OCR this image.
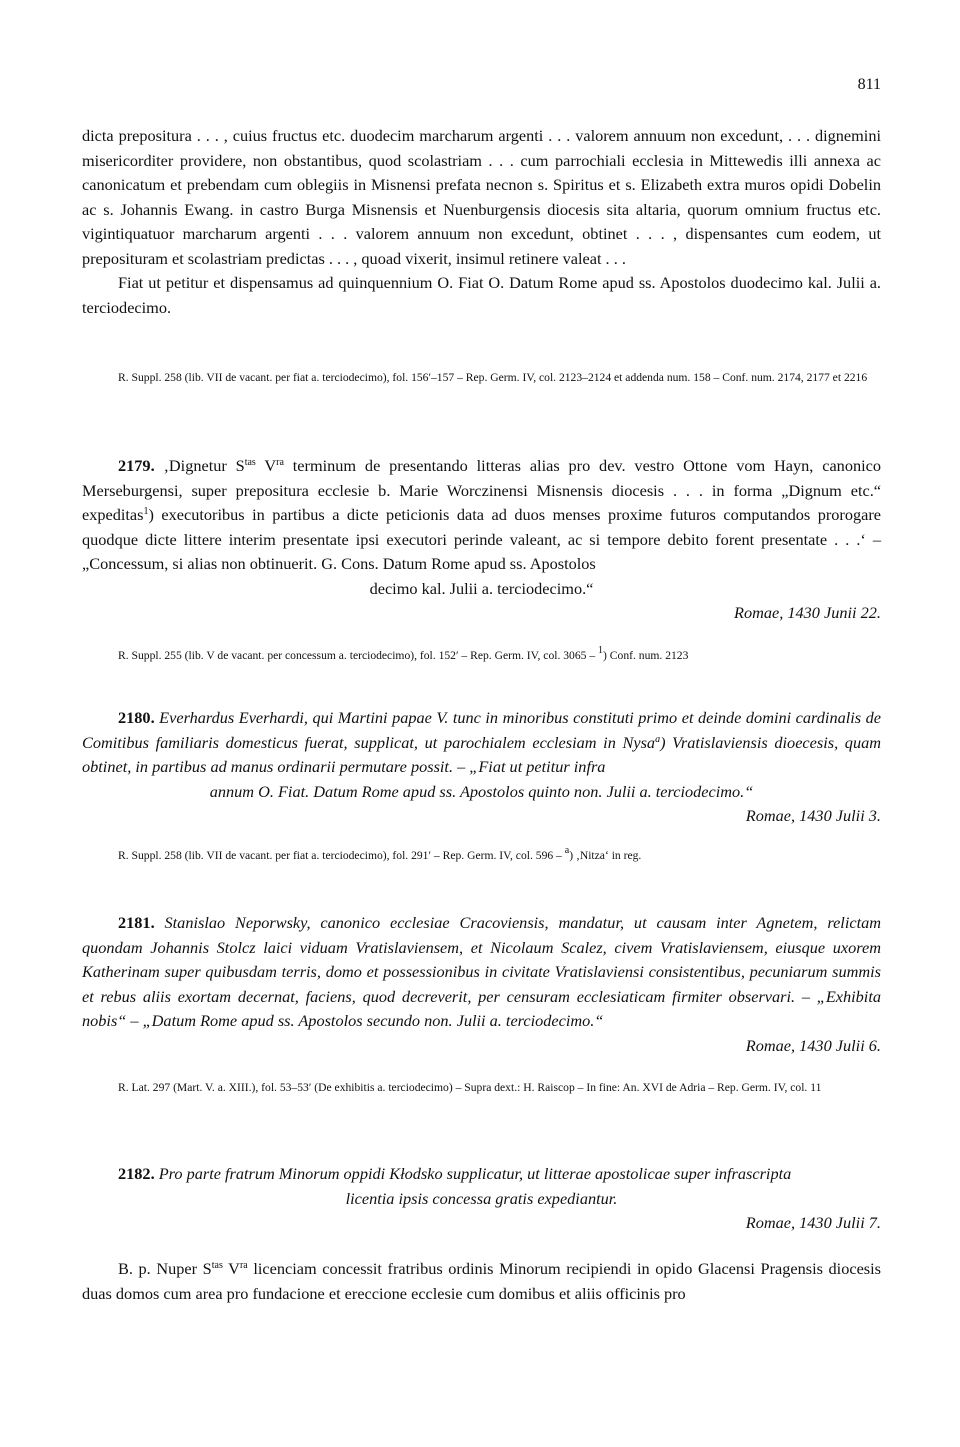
811

dicta prepositura . . . , cuius fructus etc. duodecim marcharum argenti . . . valorem annuum non excedunt, . . . dignemini misericorditer providere, non obstantibus, quod scolastriam . . . cum parrochiali ecclesia in Mittewedis illi annexa ac canonicatum et prebendam cum oblegiis in Misnensi prefata necnon s. Spiritus et s. Elizabeth extra muros opidi Dobelin ac s. Johannis Ewang. in castro Burga Misnensis et Nuenburgensis diocesis sita altaria, quorum omnium fructus etc. vigintiquatuor marcharum argenti . . . valorem annuum non excedunt, obtinet . . . , dispensantes cum eodem, ut preposituram et scolastriam predictas . . . , quoad vixerit, insimul retinere valeat . . .

Fiat ut petitur et dispensamus ad quinquennium O. Fiat O. Datum Rome apud ss. Apostolos duodecimo kal. Julii a. terciodecimo.

R. Suppl. 258 (lib. VII de vacant. per fiat a. terciodecimo), fol. 156′–157 – Rep. Germ. IV, col. 2123–2124 et addenda num. 158 – Conf. num. 2174, 2177 et 2216

2179. ‚Dignetur $S^{tas}$ $V^{ra}$ terminum de presentando litteras alias pro dev. vestro Ottone vom Hayn, canonico Merseburgensi, super prepositura ecclesie b. Marie Worczinensi Misnensis diocesis . . . in forma „Dignum etc.“ expeditas$^1$) executoribus in partibus a dicte peticionis data ad duos menses proxime futuros computandos prorogare quodque dicte littere interim presentate ipsi executori perinde valeant, ac si tempore debito forent presentate . . .‘ – „Concessum, si alias non obtinuerit. G. Cons. Datum Rome apud ss. Apostolos

decimo kal. Julii a. terciodecimo.“

Romae, 1430 Junii 22.

R. Suppl. 255 (lib. V de vacant. per concessum a. terciodecimo), fol. 152′ – Rep. Germ. IV, col. 3065 – $^1$) Conf. num. 2123

2180. Everhardus Everhardi, qui Martini papae V. tunc in minoribus constituti primo et deinde domini cardinalis de Comitibus familiaris domesticus fuerat, supplicat, ut parochialem ecclesiam in Nysa$^a$) Vratislaviensis dioecesis, quam obtinet, in partibus ad manus ordinarii permutare possit. – „Fiat ut petitur infra

annum O. Fiat. Datum Rome apud ss. Apostolos quinto non. Julii a. terciodecimo.“

Romae, 1430 Julii 3.

R. Suppl. 258 (lib. VII de vacant. per fiat a. terciodecimo), fol. 291′ – Rep. Germ. IV, col. 596 – $^a$) ‚Nitza‘ in reg.

2181. Stanislao Neporwsky, canonico ecclesiae Cracoviensis, mandatur, ut causam inter Agnetem, relictam quondam Johannis Stolcz laici viduam Vratislaviensem, et Nicolaum Scalez, civem Vratislaviensem, eiusque uxorem Katherinam super quibusdam terris, domo et possessionibus in civitate Vratislaviensi consistentibus, pecuniarum summis et rebus aliis exortam decernat, faciens, quod decreverit, per censuram ecclesiaticam firmiter observari. – „Exhibita nobis“ – „Datum Rome apud ss. Apostolos secundo non. Julii a. terciodecimo.“

Romae, 1430 Julii 6.

R. Lat. 297 (Mart. V. a. XIII.), fol. 53–53′ (De exhibitis a. terciodecimo) – Supra dext.: H. Raiscop – In fine: An. XVI de Adria – Rep. Germ. IV, col. 11

2182. Pro parte fratrum Minorum oppidi Kłodsko supplicatur, ut litterae apostolicae super infrascripta

licentia ipsis concessa gratis expediantur.

Romae, 1430 Julii 7.

B. p. Nuper $S^{tas}$ $V^{ra}$ licenciam concessit fratribus ordinis Minorum recipiendi in opido Glacensi Pragensis diocesis duas domos cum area pro fundacione et ereccione ecclesie cum domibus et aliis officinis pro
